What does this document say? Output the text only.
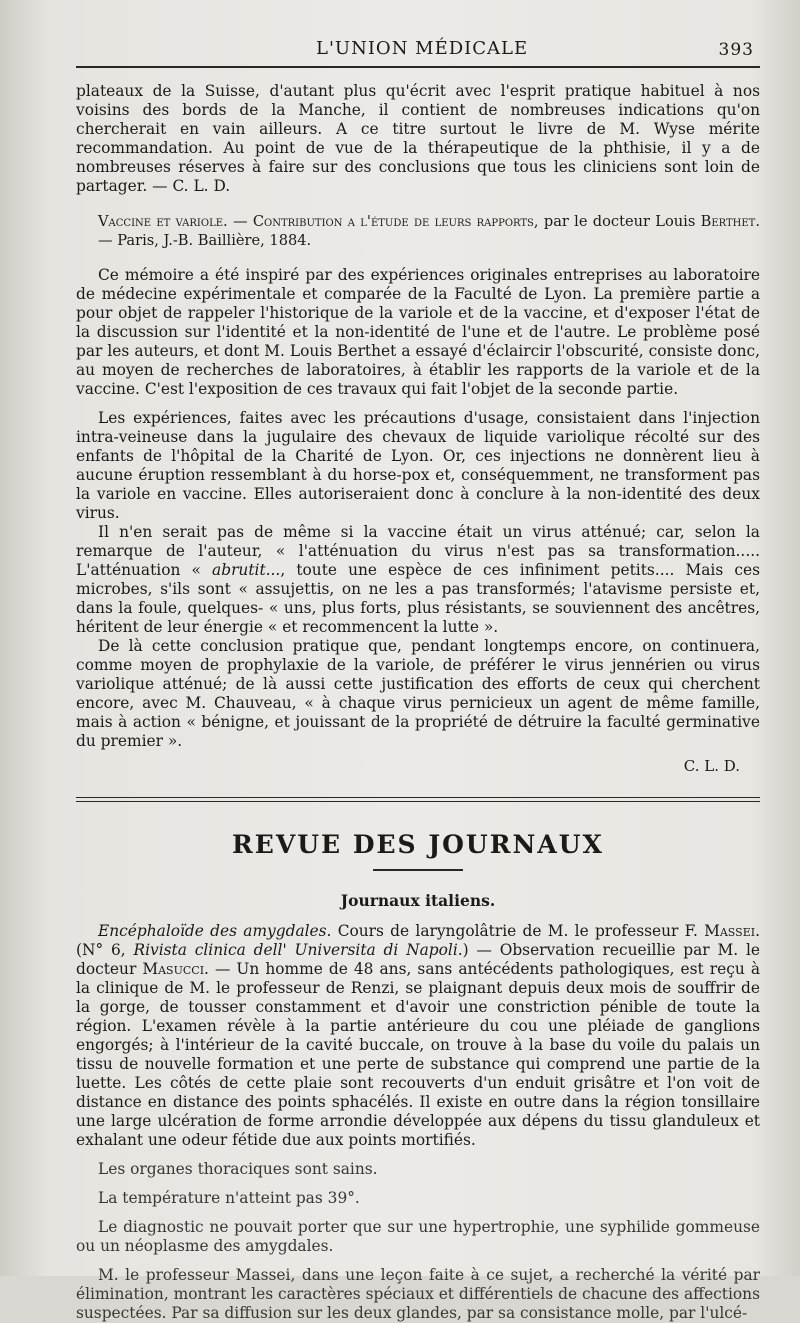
L'UNION MÉDICALE	393

plateaux de la Suisse, d'autant plus qu'écrit avec l'esprit pratique habituel à nos voisins des bords de la Manche, il contient de nombreuses indications qu'on chercherait en vain ailleurs. A ce titre surtout le livre de M. Wyse mérite recommandation. Au point de vue de la thérapeutique de la phthisie, il y a de nombreuses réserves à faire sur des conclusions que tous les cliniciens sont loin de partager. — C. L. D.

Vaccine et variole. — Contribution a l'étude de leurs rapports, par le docteur Louis Berthet. — Paris, J.-B. Baillière, 1884.

Ce mémoire a été inspiré par des expériences originales entreprises au laboratoire de médecine expérimentale et comparée de la Faculté de Lyon. La première partie a pour objet de rappeler l'historique de la variole et de la vaccine, et d'exposer l'état de la discussion sur l'identité et la non-identité de l'une et de l'autre. Le problème posé par les auteurs, et dont M. Louis Berthet a essayé d'éclaircir l'obscurité, consiste donc, au moyen de recherches de laboratoires, à établir les rapports de la variole et de la vaccine. C'est l'exposition de ces travaux qui fait l'objet de la seconde partie.

Les expériences, faites avec les précautions d'usage, consistaient dans l'injection intra-veineuse dans la jugulaire des chevaux de liquide variolique récolté sur des enfants de l'hôpital de la Charité de Lyon. Or, ces injections ne donnèrent lieu à aucune éruption ressemblant à du horse-pox et, conséquemment, ne transforment pas la variole en vaccine. Elles autoriseraient donc à conclure à la non-identité des deux virus.

Il n'en serait pas de même si la vaccine était un virus atténué; car, selon la remarque de l'auteur, « l'atténuation du virus n'est pas sa transformation..... L'atténuation « abrutit..., toute une espèce de ces infiniment petits.... Mais ces microbes, s'ils sont « assujettis, on ne les a pas transformés; l'atavisme persiste et, dans la foule, quelques- « uns, plus forts, plus résistants, se souviennent des ancêtres, héritent de leur énergie « et recommencent la lutte ».

De là cette conclusion pratique que, pendant longtemps encore, on continuera, comme moyen de prophylaxie de la variole, de préférer le virus jennérien ou virus variolique atténué; de là aussi cette justification des efforts de ceux qui cherchent encore, avec M. Chauveau, « à chaque virus pernicieux un agent de même famille, mais à action « bénigne, et jouissant de la propriété de détruire la faculté germinative du premier ».

C. L. D.

REVUE DES JOURNAUX
Journaux italiens.

Encéphaloïde des amygdales. Cours de laryngolâtrie de M. le professeur F. Massei. (N° 6, Rivista clinica dell' Universita di Napoli.) — Observation recueillie par M. le docteur Masucci. — Un homme de 48 ans, sans antécédents pathologiques, est reçu à la clinique de M. le professeur de Renzi, se plaignant depuis deux mois de souffrir de la gorge, de tousser constamment et d'avoir une constriction pénible de toute la région. L'examen révèle à la partie antérieure du cou une pléiade de ganglions engorgés; à l'intérieur de la cavité buccale, on trouve à la base du voile du palais un tissu de nouvelle formation et une perte de substance qui comprend une partie de la luette. Les côtés de cette plaie sont recouverts d'un enduit grisâtre et l'on voit de distance en distance des points sphacélés. Il existe en outre dans la région tonsillaire une large ulcération de forme arrondie développée aux dépens du tissu glanduleux et exhalant une odeur fétide due aux points mortifiés.

Les organes thoraciques sont sains.

La température n'atteint pas 39°.

Le diagnostic ne pouvait porter que sur une hypertrophie, une syphilide gommeuse ou un néoplasme des amygdales.

M. le professeur Massei, dans une leçon faite à ce sujet, a recherché la vérité par élimination, montrant les caractères spéciaux et différentiels de chacune des affections suspectées. Par sa diffusion sur les deux glandes, par sa consistance molle, par l'ulcé-
